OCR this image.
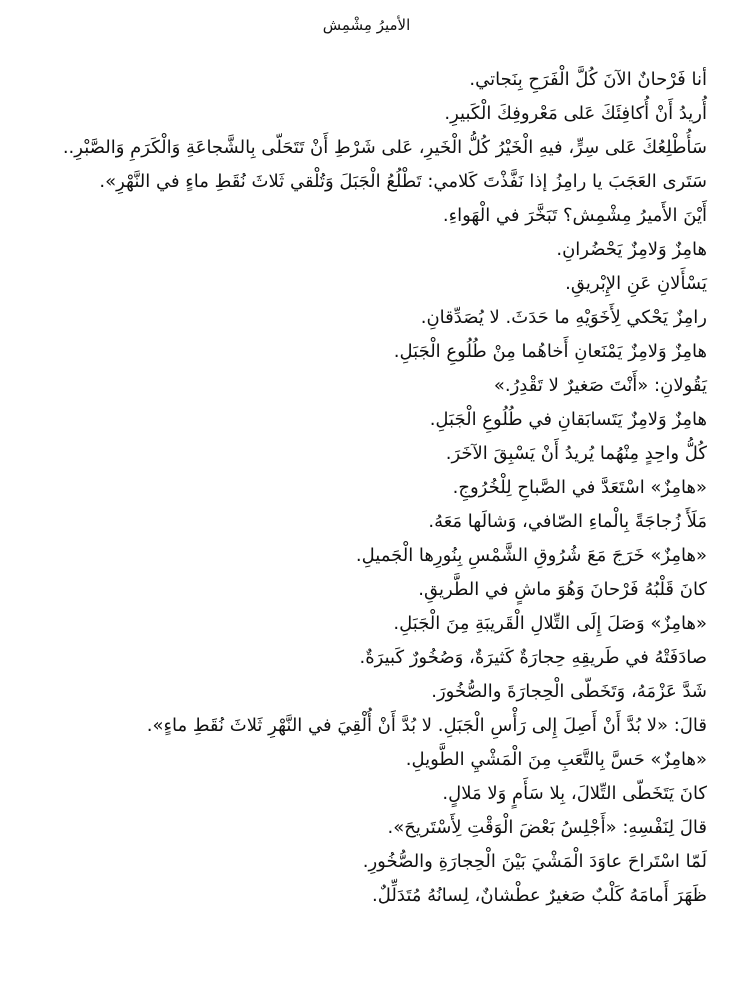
الأميرُ مِشْمِش
أنا فَرْحانٌ الآنَ كُلَّ الْفَرَحِ بِنَجاتي.
أُريدُ أَنْ أُكافِئَكَ عَلى مَعْروفِكَ الْكَبيرِ.
سَأُطْلِعُكَ عَلى سِرٍّ، فيهِ الْخَيْرُ كُلُّ الْخَيرِ، عَلى شَرْطِ أَنْ تَتَحَلّى بِالشَّجاعَةِ وَالْكَرَمِ وَالصَّبْرِ..
سَتَرى العَجَبَ يا رامِزُ إذا نَفَّذْتَ كَلامي: تَطْلُعُ الْجَبَلَ وَتُلْقي ثَلاثَ نُقَطِ ماءٍ في النَّهْرِ».
أَيْنَ الأَميرُ مِشْمِش؟ تَبَخَّرَ في الْهَواءِ.
هامِزٌ وَلامِزٌ يَحْضُرانِ.
يَسْأَلانِ عَنِ الإِبْريقِ.
رامِزٌ يَحْكي لِأَخَوَيْهِ ما حَدَثَ. لا يُصَدِّقانِ.
هامِزٌ وَلامِزٌ يَمْنَعانِ أَخاهُما مِنْ طُلُوعِ الْجَبَلِ.
يَقُولانِ: «أَنْتَ صَغيرٌ لا تَقْدِرُ.»
هامِزٌ وَلامِزٌ يَتَسابَقانِ في طُلُوعِ الْجَبَلِ.
كُلُّ واحِدٍ مِنْهُما يُريدُ أَنْ يَسْبِقَ الآخَرَ.
«هامِزٌ» اسْتَعَدَّ في الصَّباحِ لِلْخُرُوجِ.
مَلَأَ زُجاجَةً بِالْماءِ الصّافي، وَشالَها مَعَهُ.
«هامِزٌ» خَرَجَ مَعَ شُرُوقِ الشَّمْسِ بِنُورِها الْجَميلِ.
كانَ قَلْبُهُ فَرْحانَ وَهُوَ ماشٍ في الطَّريقِ.
«هامِزٌ» وَصَلَ إِلَى التِّلالِ الْقَريبَةِ مِنَ الْجَبَلِ.
صادَفَتْهُ في طَريقِهِ حِجارَةٌ كَثيرَةٌ، وَصُخُورٌ كَبيرَةٌ.
شَدَّ عَزْمَهُ، وَتَخَطّى الْحِجارَةَ والصُّخُورَ.
قالَ: «لا بُدَّ أَنْ أَصِلَ إِلى رَأْسِ الْجَبَلِ. لا بُدَّ أَنْ أُلْقِيَ في النَّهْرِ ثَلاثَ نُقَطِ ماءٍ».
«هامِزٌ» حَسَّ بِالتَّعَبِ مِنَ الْمَشْيِ الطَّويلِ.
كانَ يَتَخَطّى التِّلالَ، بِلا سَأَمٍ وَلا مَلالٍ.
قالَ لِنَفْسِهِ: «أَجْلِسُ بَعْضَ الْوَقْتِ لِأَسْتَريحَ».
لَمّا اسْتَراحَ عاوَدَ الْمَشْيَ بَيْنَ الْحِجارَةِ والصُّخُورِ.
ظَهَرَ أَمامَهُ كَلْبٌ صَغيرٌ عطْشانٌ، لِسانُهُ مُتَدَلِّلٌ.
